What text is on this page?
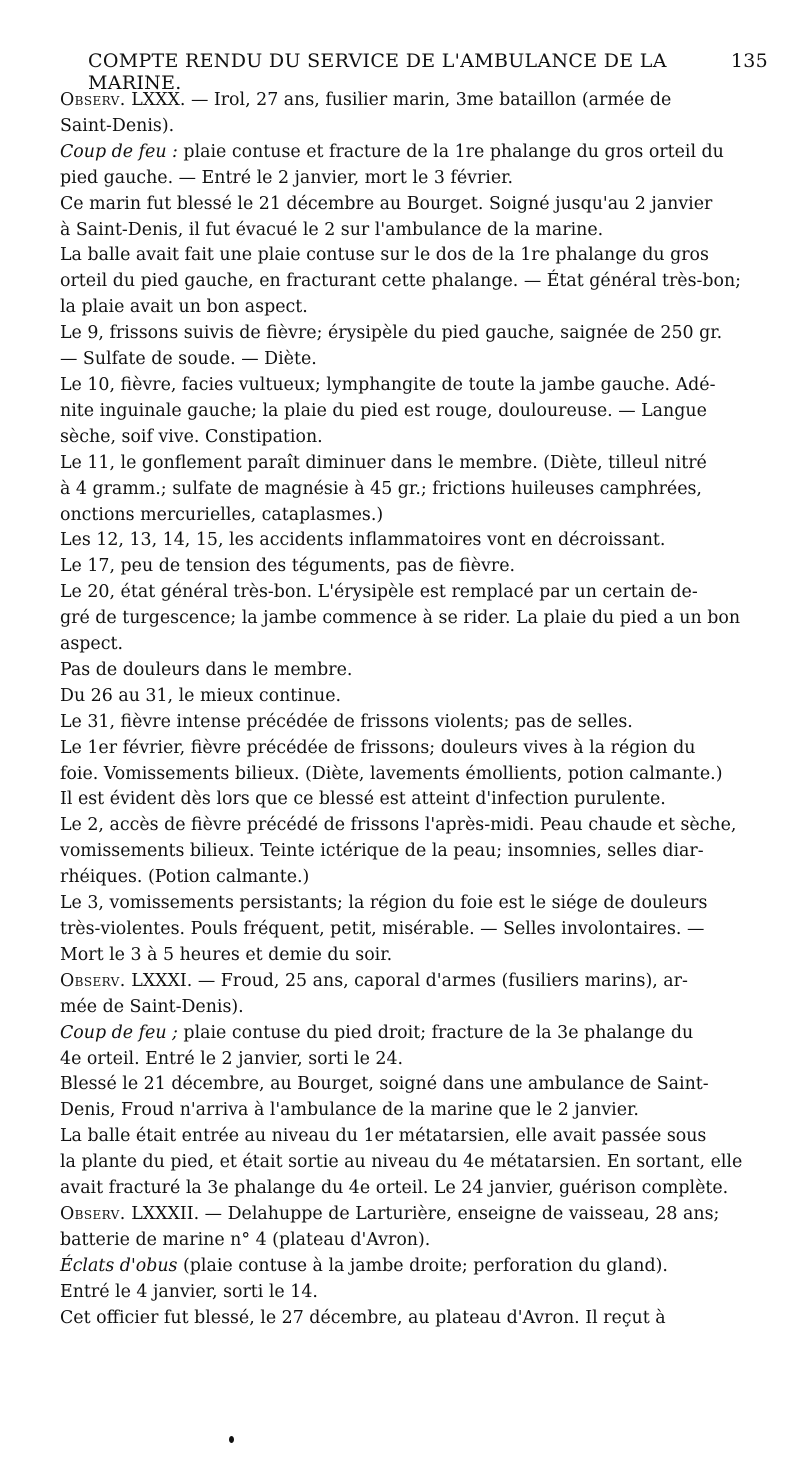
COMPTE RENDU DU SERVICE DE L'AMBULANCE DE LA MARINE.
135

Observ. LXXX. — Irol, 27 ans, fusilier marin, 3me bataillon (armée de

Saint-Denis).

Coup de feu : plaie contuse et fracture de la 1re phalange du gros orteil du

pied gauche. — Entré le 2 janvier, mort le 3 février.

Ce marin fut blessé le 21 décembre au Bourget. Soigné jusqu'au 2 janvier

à Saint-Denis, il fut évacué le 2 sur l'ambulance de la marine.

La balle avait fait une plaie contuse sur le dos de la 1re phalange du gros

orteil du pied gauche, en fracturant cette phalange. — État général très-bon;

la plaie avait un bon aspect.

Le 9, frissons suivis de fièvre; érysipèle du pied gauche, saignée de 250 gr.

— Sulfate de soude. — Diète.

Le 10, fièvre, facies vultueux; lymphangite de toute la jambe gauche. Adé-

nite inguinale gauche; la plaie du pied est rouge, douloureuse. — Langue

sèche, soif vive. Constipation.

Le 11, le gonflement paraît diminuer dans le membre. (Diète, tilleul nitré

à 4 gramm.; sulfate de magnésie à 45 gr.; frictions huileuses camphrées,

onctions mercurielles, cataplasmes.)

Les 12, 13, 14, 15, les accidents inflammatoires vont en décroissant.

Le 17, peu de tension des téguments, pas de fièvre.

Le 20, état général très-bon. L'érysipèle est remplacé par un certain de-

gré de turgescence; la jambe commence à se rider. La plaie du pied a un bon

aspect.

Pas de douleurs dans le membre.

Du 26 au 31, le mieux continue.

Le 31, fièvre intense précédée de frissons violents; pas de selles.

Le 1er février, fièvre précédée de frissons; douleurs vives à la région du

foie. Vomissements bilieux. (Diète, lavements émollients, potion calmante.)

Il est évident dès lors que ce blessé est atteint d'infection purulente.

Le 2, accès de fièvre précédé de frissons l'après-midi. Peau chaude et sèche,

vomissements bilieux. Teinte ictérique de la peau; insomnies, selles diar-

rhéiques. (Potion calmante.)

Le 3, vomissements persistants; la région du foie est le siége de douleurs

très-violentes. Pouls fréquent, petit, misérable. — Selles involontaires. —

Mort le 3 à 5 heures et demie du soir.

Observ. LXXXI. — Froud, 25 ans, caporal d'armes (fusiliers marins), ar-

mée de Saint-Denis).

Coup de feu ; plaie contuse du pied droit; fracture de la 3e phalange du

4e orteil. Entré le 2 janvier, sorti le 24.

Blessé le 21 décembre, au Bourget, soigné dans une ambulance de Saint-

Denis, Froud n'arriva à l'ambulance de la marine que le 2 janvier.

La balle était entrée au niveau du 1er métatarsien, elle avait passée sous

la plante du pied, et était sortie au niveau du 4e métatarsien. En sortant, elle

avait fracturé la 3e phalange du 4e orteil. Le 24 janvier, guérison complète.

Observ. LXXXII. — Delahuppe de Larturière, enseigne de vaisseau, 28 ans;

batterie de marine n° 4 (plateau d'Avron).

Éclats d'obus (plaie contuse à la jambe droite; perforation du gland).

Entré le 4 janvier, sorti le 14.

Cet officier fut blessé, le 27 décembre, au plateau d'Avron. Il reçut à
